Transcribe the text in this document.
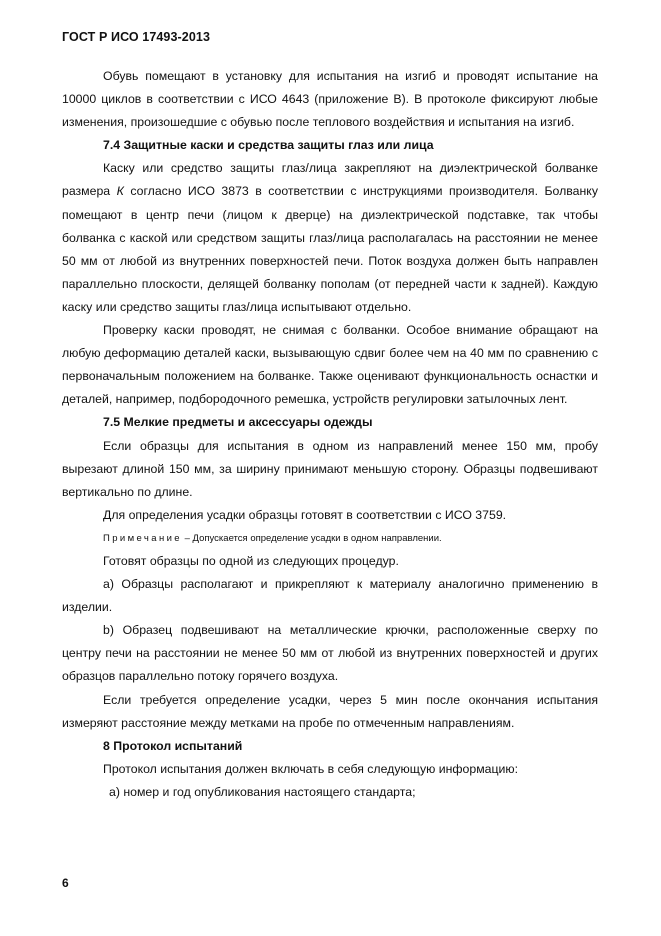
ГОСТ Р ИСО 17493-2013

Обувь помещают в установку для испытания на изгиб и проводят испытание на 10000 циклов в соответствии с ИСО 4643 (приложение В). В протоколе фиксируют любые изменения, произошедшие с обувью после теплового воздействия и испытания на изгиб.

7.4 Защитные каски и средства защиты глаз или лица

Каску или средство защиты глаз/лица закрепляют на диэлектрической болванке размера К согласно ИСО 3873 в соответствии с инструкциями производителя. Болванку помещают в центр печи (лицом к дверце) на диэлектрической подставке, так чтобы болванка с каской или средством защиты глаз/лица располагалась на расстоянии не менее 50 мм от любой из внутренних поверхностей печи. Поток воздуха должен быть направлен параллельно плоскости, делящей болванку пополам (от передней части к задней). Каждую каску или средство защиты глаз/лица испытывают отдельно.

Проверку каски проводят, не снимая с болванки. Особое внимание обращают на любую деформацию деталей каски, вызывающую сдвиг более чем на 40 мм по сравнению с первоначальным положением на болванке. Также оценивают функциональность оснастки и деталей, например, подбородочного ремешка, устройств регулировки затылочных лент.

7.5 Мелкие предметы и аксессуары одежды

Если образцы для испытания в одном из направлений менее 150 мм, пробу вырезают длиной 150 мм, за ширину принимают меньшую сторону. Образцы подвешивают вертикально по длине.

Для определения усадки образцы готовят в соответствии с ИСО 3759.

Примечание – Допускается определение усадки в одном направлении.

Готовят образцы по одной из следующих процедур.

a) Образцы располагают и прикрепляют к материалу аналогично применению в изделии.

b) Образец подвешивают на металлические крючки, расположенные сверху по центру печи на расстоянии не менее 50 мм от любой из внутренних поверхностей и других образцов параллельно потоку горячего воздуха.

Если требуется определение усадки, через 5 мин после окончания испытания измеряют расстояние между метками на пробе по отмеченным направлениям.

8 Протокол испытаний

Протокол испытания должен включать в себя следующую информацию:

a) номер и год опубликования настоящего стандарта;

6
